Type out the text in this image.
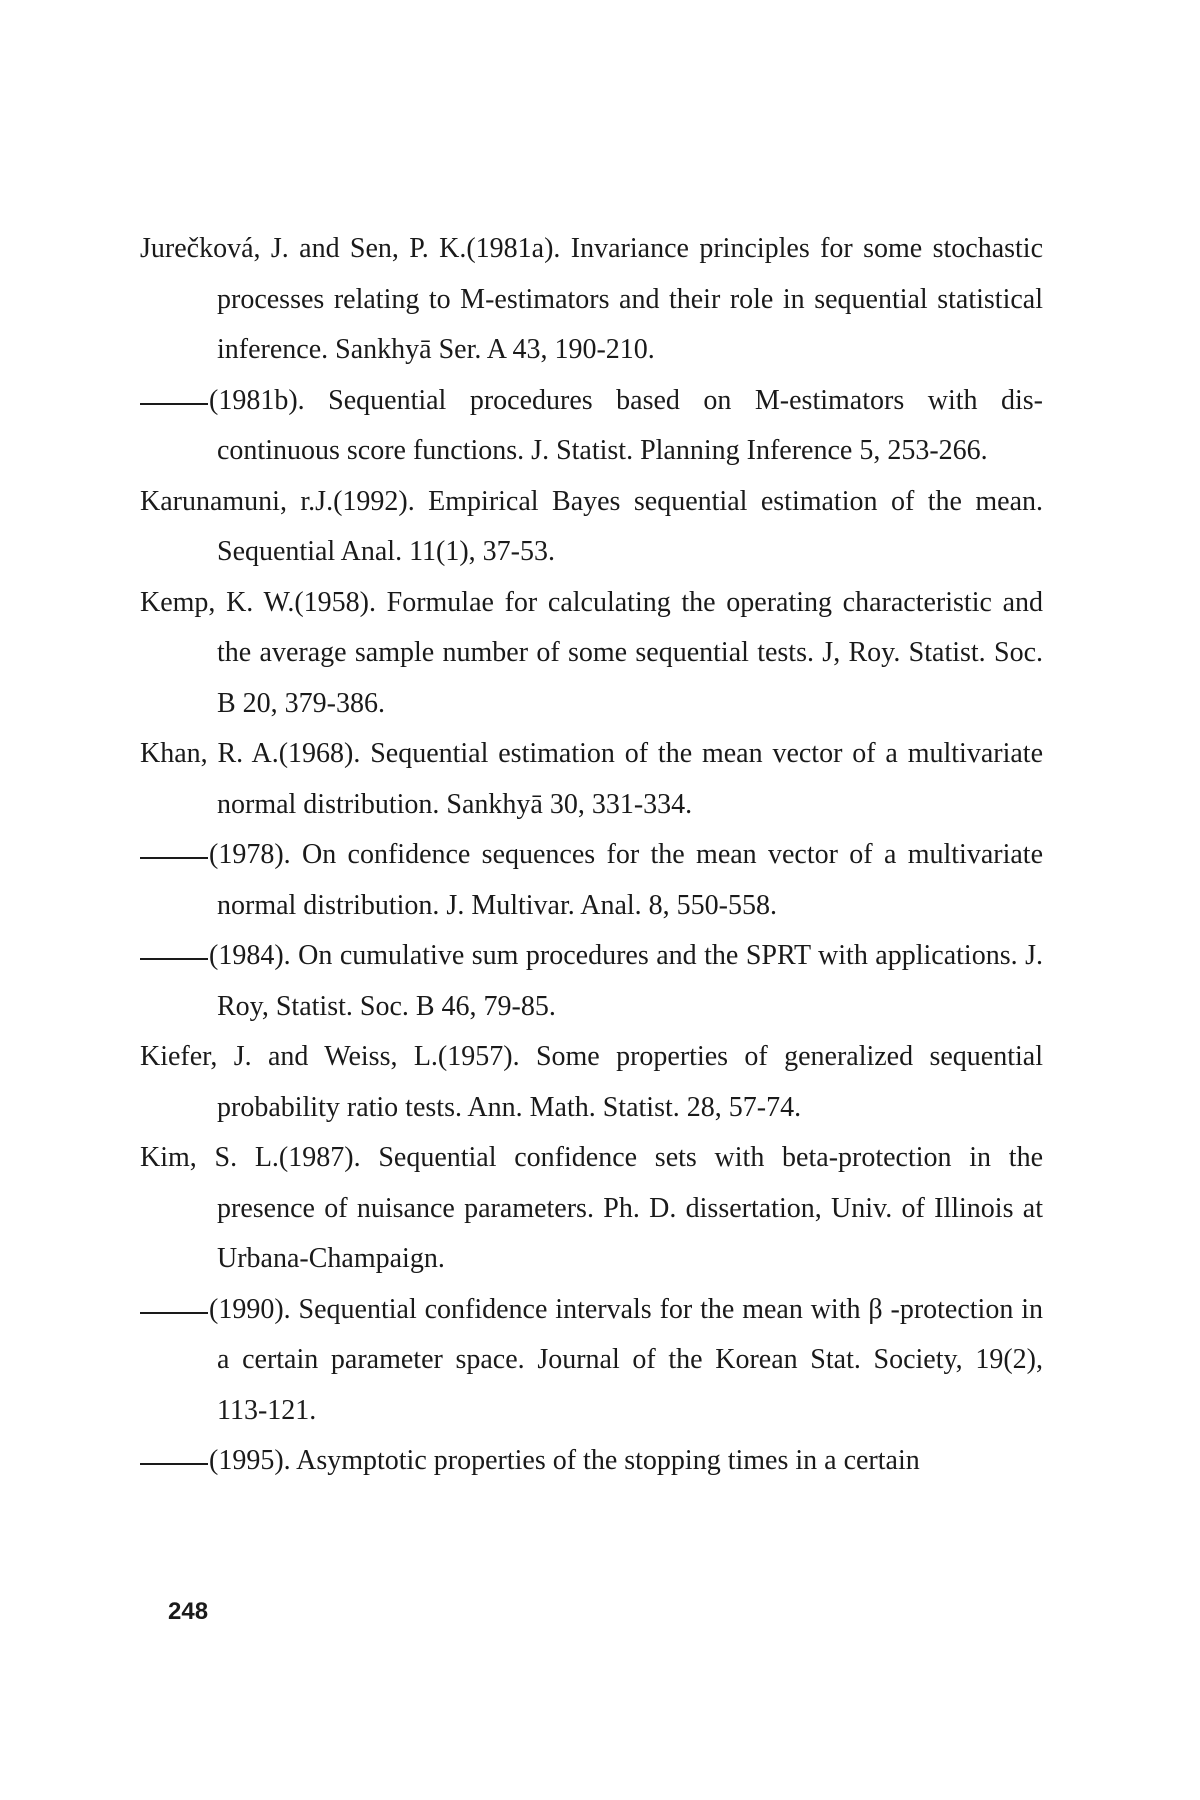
Jurečková, J. and Sen, P. K.(1981a). Invariance principles for some stochastic processes relating to M-estimators and their role in sequential statistical inference. Sankhyā Ser. A 43, 190-210.

(1981b). Sequential procedures based on M-estimators with dis- continuous score functions. J. Statist. Planning Inference 5, 253-266.

Karunamuni, r.J.(1992). Empirical Bayes sequential estimation of the mean. Sequential Anal. 11(1), 37-53.

Kemp, K. W.(1958). Formulae for calculating the operating characteristic and the average sample number of some sequential tests. J, Roy. Statist. Soc. B 20, 379-386.

Khan, R. A.(1968). Sequential estimation of the mean vector of a multivariate normal distribution. Sankhyā 30, 331-334.

(1978). On confidence sequences for the mean vector of a multivariate normal distribution. J. Multivar. Anal. 8, 550-558.

(1984). On cumulative sum procedures and the SPRT with applications. J. Roy, Statist. Soc. B 46, 79-85.

Kiefer, J. and Weiss, L.(1957). Some properties of generalized sequential probability ratio tests. Ann. Math. Statist. 28, 57-74.

Kim, S. L.(1987). Sequential confidence sets with beta-protection in the presence of nuisance parameters. Ph. D. dissertation, Univ. of Illinois at Urbana-Champaign.

(1990). Sequential confidence intervals for the mean with β -protection in a certain parameter space. Journal of the Korean Stat. Society, 19(2), 113-121.

(1995). Asymptotic properties of the stopping times in a certain

248
